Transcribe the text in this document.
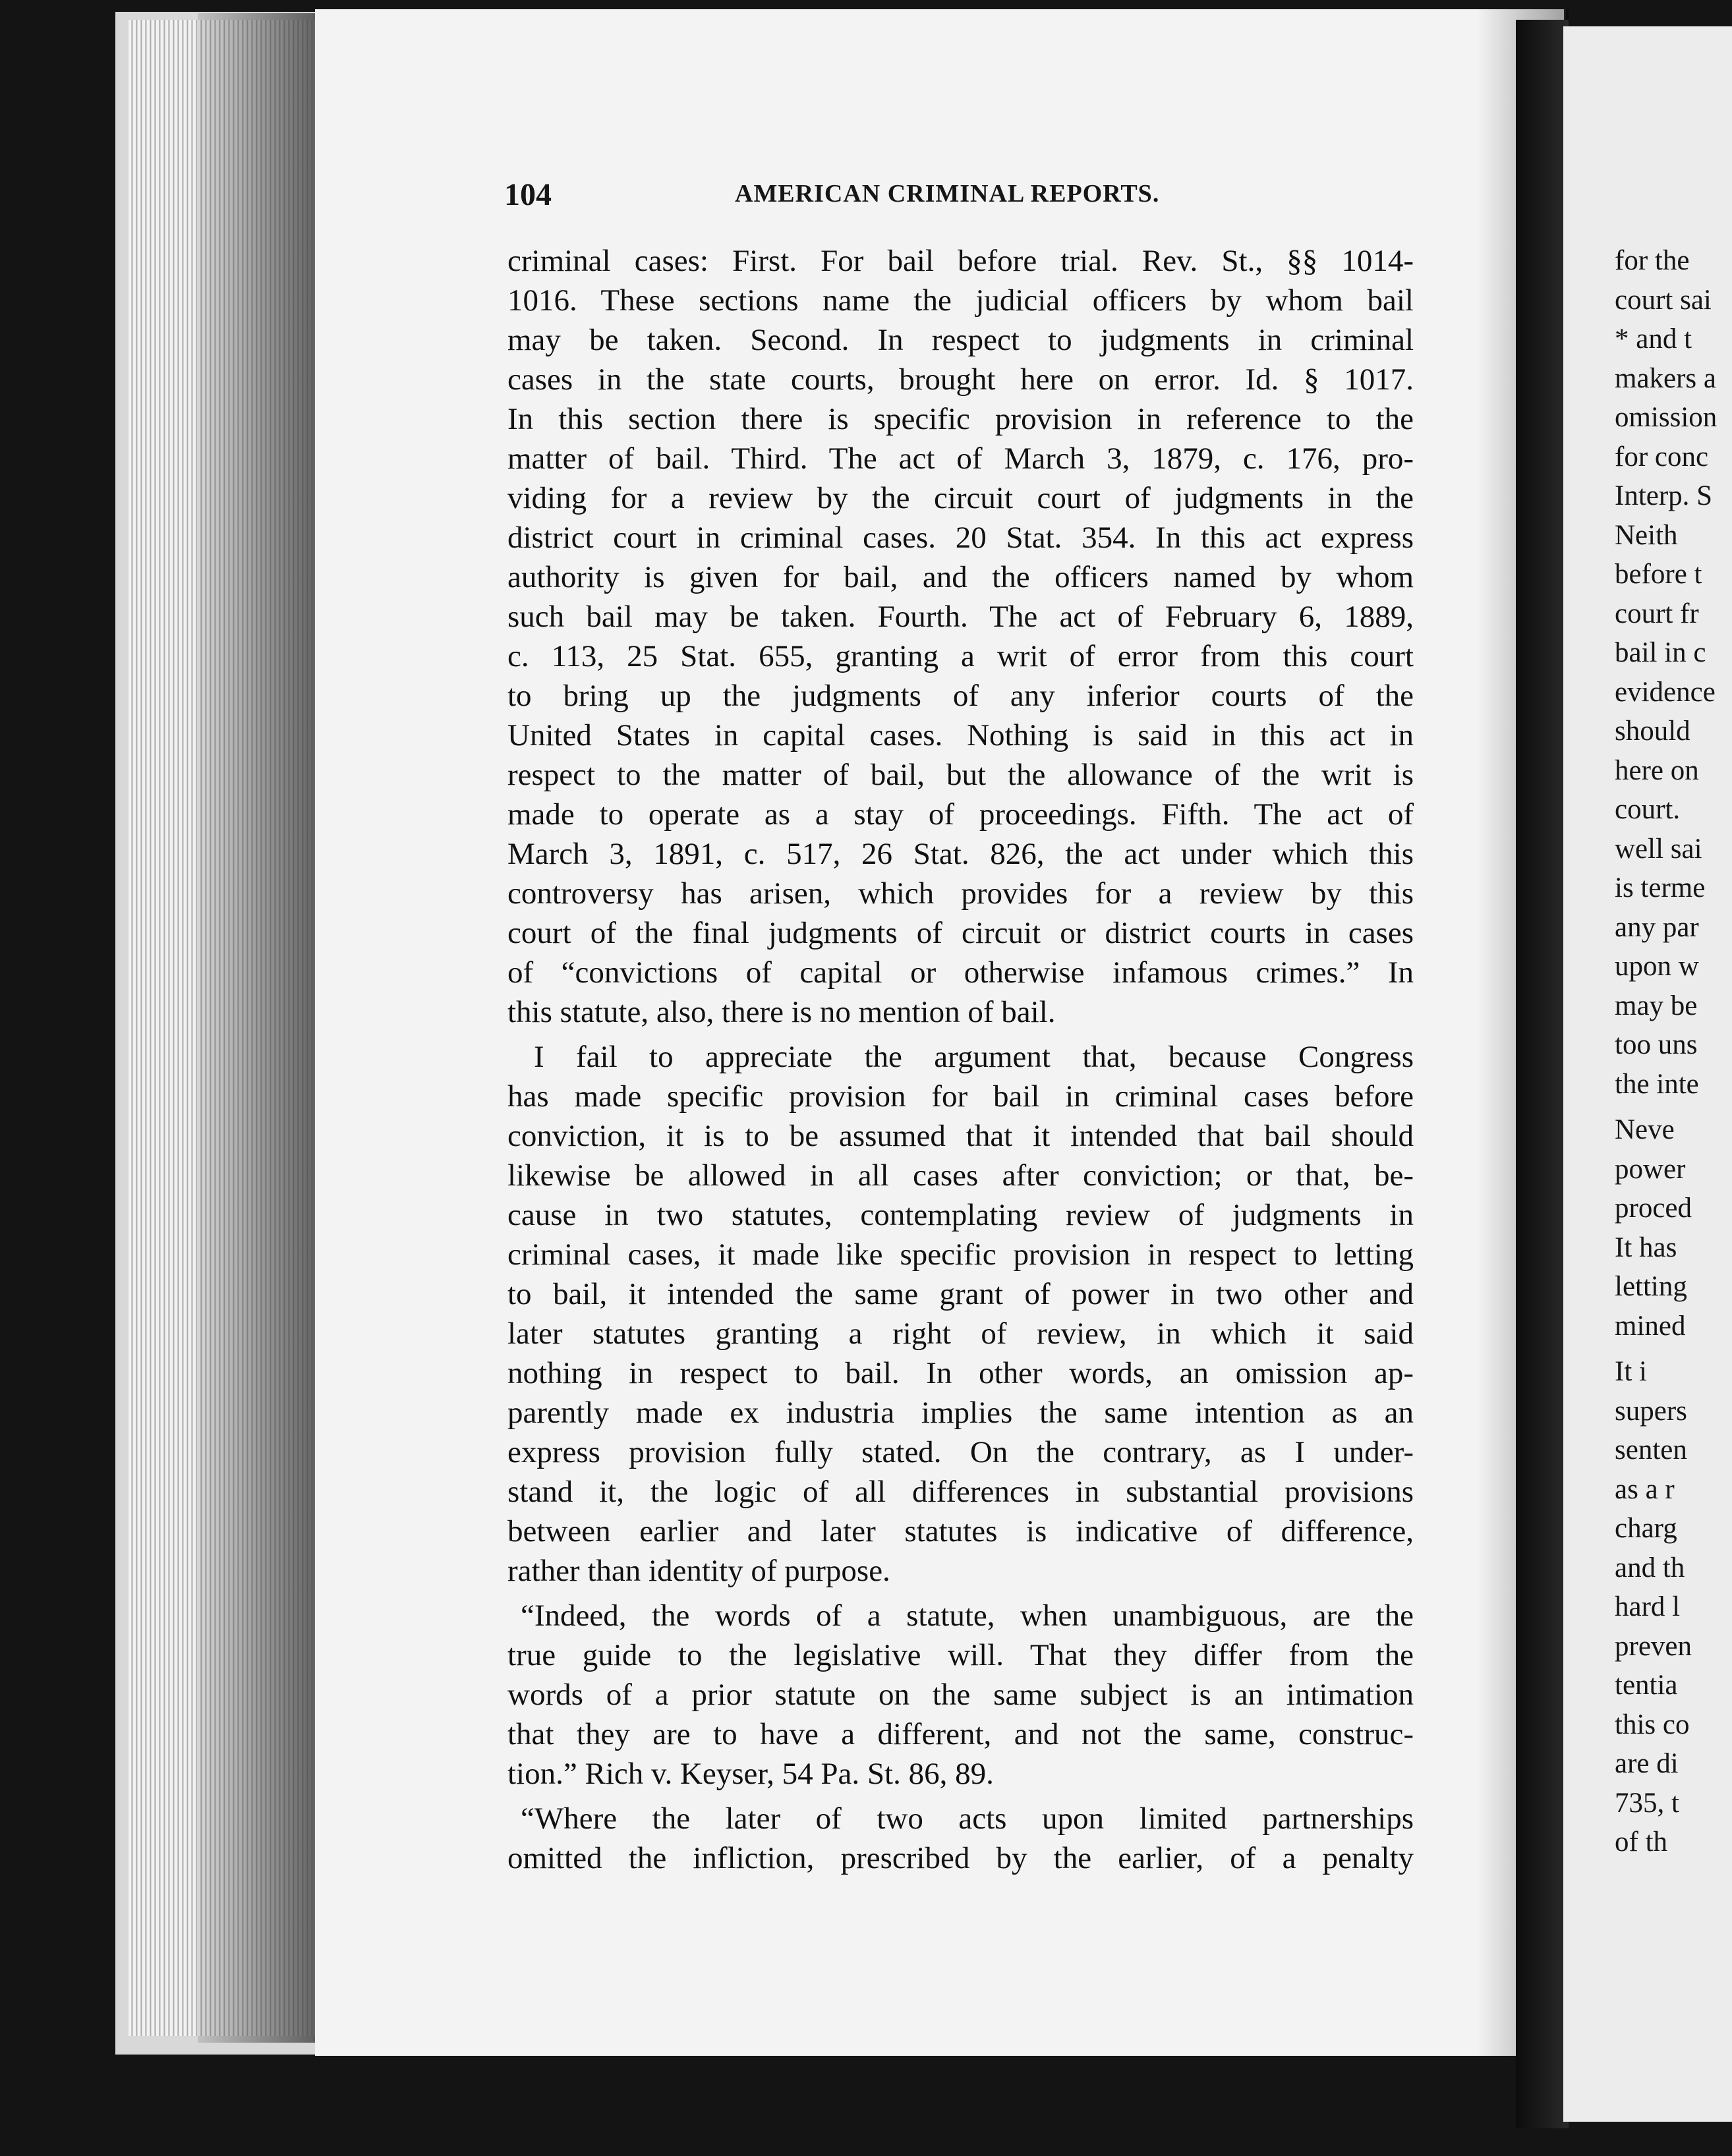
104	AMERICAN CRIMINAL REPORTS.
criminal cases: First. For bail before trial. Rev. St., §§ 1014-
1016. These sections name the judicial officers by whom bail
may be taken. Second. In respect to judgments in criminal
cases in the state courts, brought here on error. Id. § 1017.
In this section there is specific provision in reference to the
matter of bail. Third. The act of March 3, 1879, c. 176, pro-
viding for a review by the circuit court of judgments in the
district court in criminal cases. 20 Stat. 354. In this act express
authority is given for bail, and the officers named by whom
such bail may be taken. Fourth. The act of February 6, 1889,
c. 113, 25 Stat. 655, granting a writ of error from this court
to bring up the judgments of any inferior courts of the
United States in capital cases. Nothing is said in this act in
respect to the matter of bail, but the allowance of the writ is
made to operate as a stay of proceedings. Fifth. The act of
March 3, 1891, c. 517, 26 Stat. 826, the act under which this
controversy has arisen, which provides for a review by this
court of the final judgments of circuit or district courts in cases
of “convictions of capital or otherwise infamous crimes.” In
this statute, also, there is no mention of bail.
I fail to appreciate the argument that, because Congress
has made specific provision for bail in criminal cases before
conviction, it is to be assumed that it intended that bail should
likewise be allowed in all cases after conviction; or that, be-
cause in two statutes, contemplating review of judgments in
criminal cases, it made like specific provision in respect to letting
to bail, it intended the same grant of power in two other and
later statutes granting a right of review, in which it said
nothing in respect to bail. In other words, an omission ap-
parently made ex industria implies the same intention as an
express provision fully stated. On the contrary, as I under-
stand it, the logic of all differences in substantial provisions
between earlier and later statutes is indicative of difference,
rather than identity of purpose.
“Indeed, the words of a statute, when unambiguous, are the
true guide to the legislative will. That they differ from the
words of a prior statute on the same subject is an intimation
that they are to have a different, and not the same, construc-
tion.” Rich v. Keyser, 54 Pa. St. 86, 89.
“Where the later of two acts upon limited partnerships
omitted the infliction, prescribed by the earlier, of a penalty
for the
court sai
* and t
makers a
omission
for conc
Interp. S
Neith
before t
court fr
bail in c
evidence
should
here on
court.
well sai
is terme
any par
upon w
may be
too uns
the inte
Neve
power
proced
It has
letting
mined
It i
supers
senten
as a r
charg
and th
hard l
preven
tentia
this co
are di
735, t
of th
